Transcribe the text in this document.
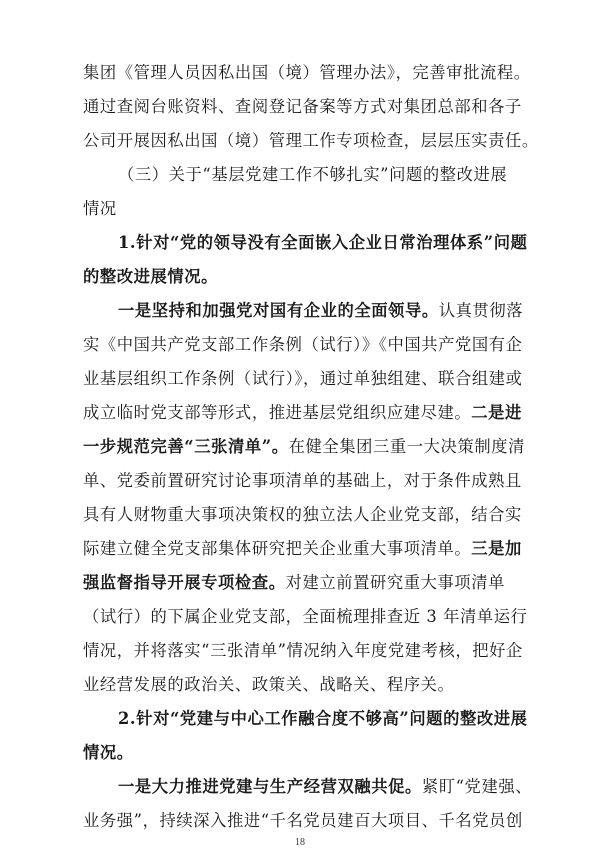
集团《管理人员因私出国（境）管理办法》，完善审批流程。
通过查阅台账资料、查阅登记备案等方式对集团总部和各子
公司开展因私出国（境）管理工作专项检查，层层压实责任。
（三）关于“基层党建工作不够扎实”问题的整改进展
情况
1.针对“党的领导没有全面嵌入企业日常治理体系”问题
的整改进展情况。
一是坚持和加强党对国有企业的全面领导。认真贯彻落
实《中国共产党支部工作条例（试行）》《中国共产党国有企
业基层组织工作条例（试行）》，通过单独组建、联合组建或
成立临时党支部等形式，推进基层党组织应建尽建。二是进
一步规范完善“三张清单”。在健全集团三重一大决策制度清
单、党委前置研究讨论事项清单的基础上，对于条件成熟且
具有人财物重大事项决策权的独立法人企业党支部，结合实
际建立健全党支部集体研究把关企业重大事项清单。三是加
强监督指导开展专项检查。对建立前置研究重大事项清单
（试行）的下属企业党支部，全面梳理排查近 3 年清单运行
情况，并将落实“三张清单”情况纳入年度党建考核，把好企
业经营发展的政治关、政策关、战略关、程序关。
2.针对“党建与中心工作融合度不够高”问题的整改进展
情况。
一是大力推进党建与生产经营双融共促。紧盯“党建强、
业务强”，持续深入推进“千名党员建百大项目、千名党员创
18
